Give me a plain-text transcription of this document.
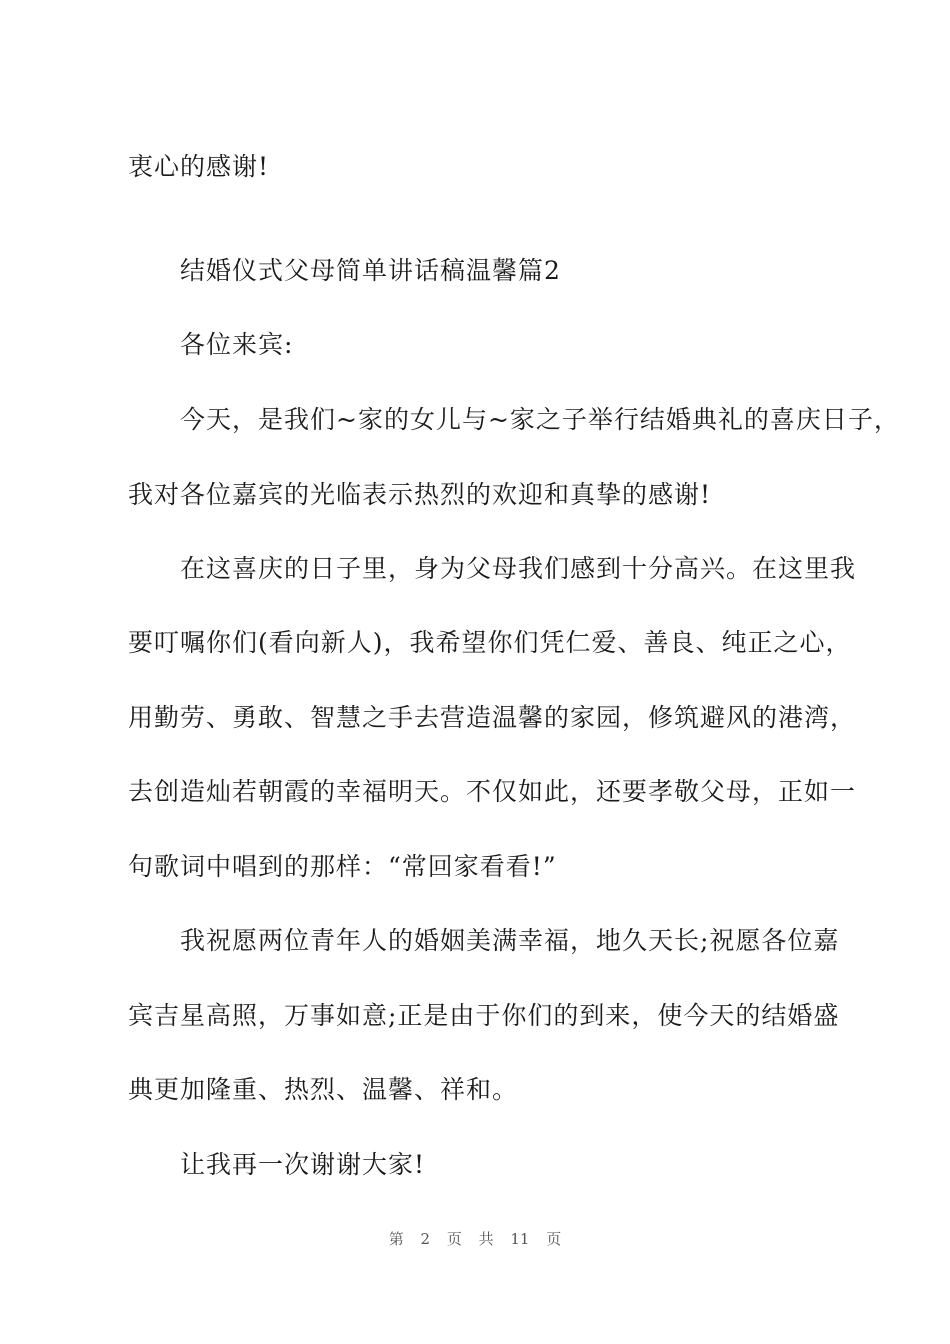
衷心的感谢!
结婚仪式父母简单讲话稿温馨篇2
各位来宾:
今天，是我们~家的女儿与~家之子举行结婚典礼的喜庆日子，
我对各位嘉宾的光临表示热烈的欢迎和真挚的感谢!
在这喜庆的日子里，身为父母我们感到十分高兴。在这里我
要叮嘱你们(看向新人)，我希望你们凭仁爱、善良、纯正之心，
用勤劳、勇敢、智慧之手去营造温馨的家园，修筑避风的港湾，
去创造灿若朝霞的幸福明天。不仅如此，还要孝敬父母，正如一
句歌词中唱到的那样：“常回家看看!”
我祝愿两位青年人的婚姻美满幸福，地久天长;祝愿各位嘉
宾吉星高照，万事如意;正是由于你们的到来，使今天的结婚盛
典更加隆重、热烈、温馨、祥和。
让我再一次谢谢大家!
第 2 页 共 11 页
